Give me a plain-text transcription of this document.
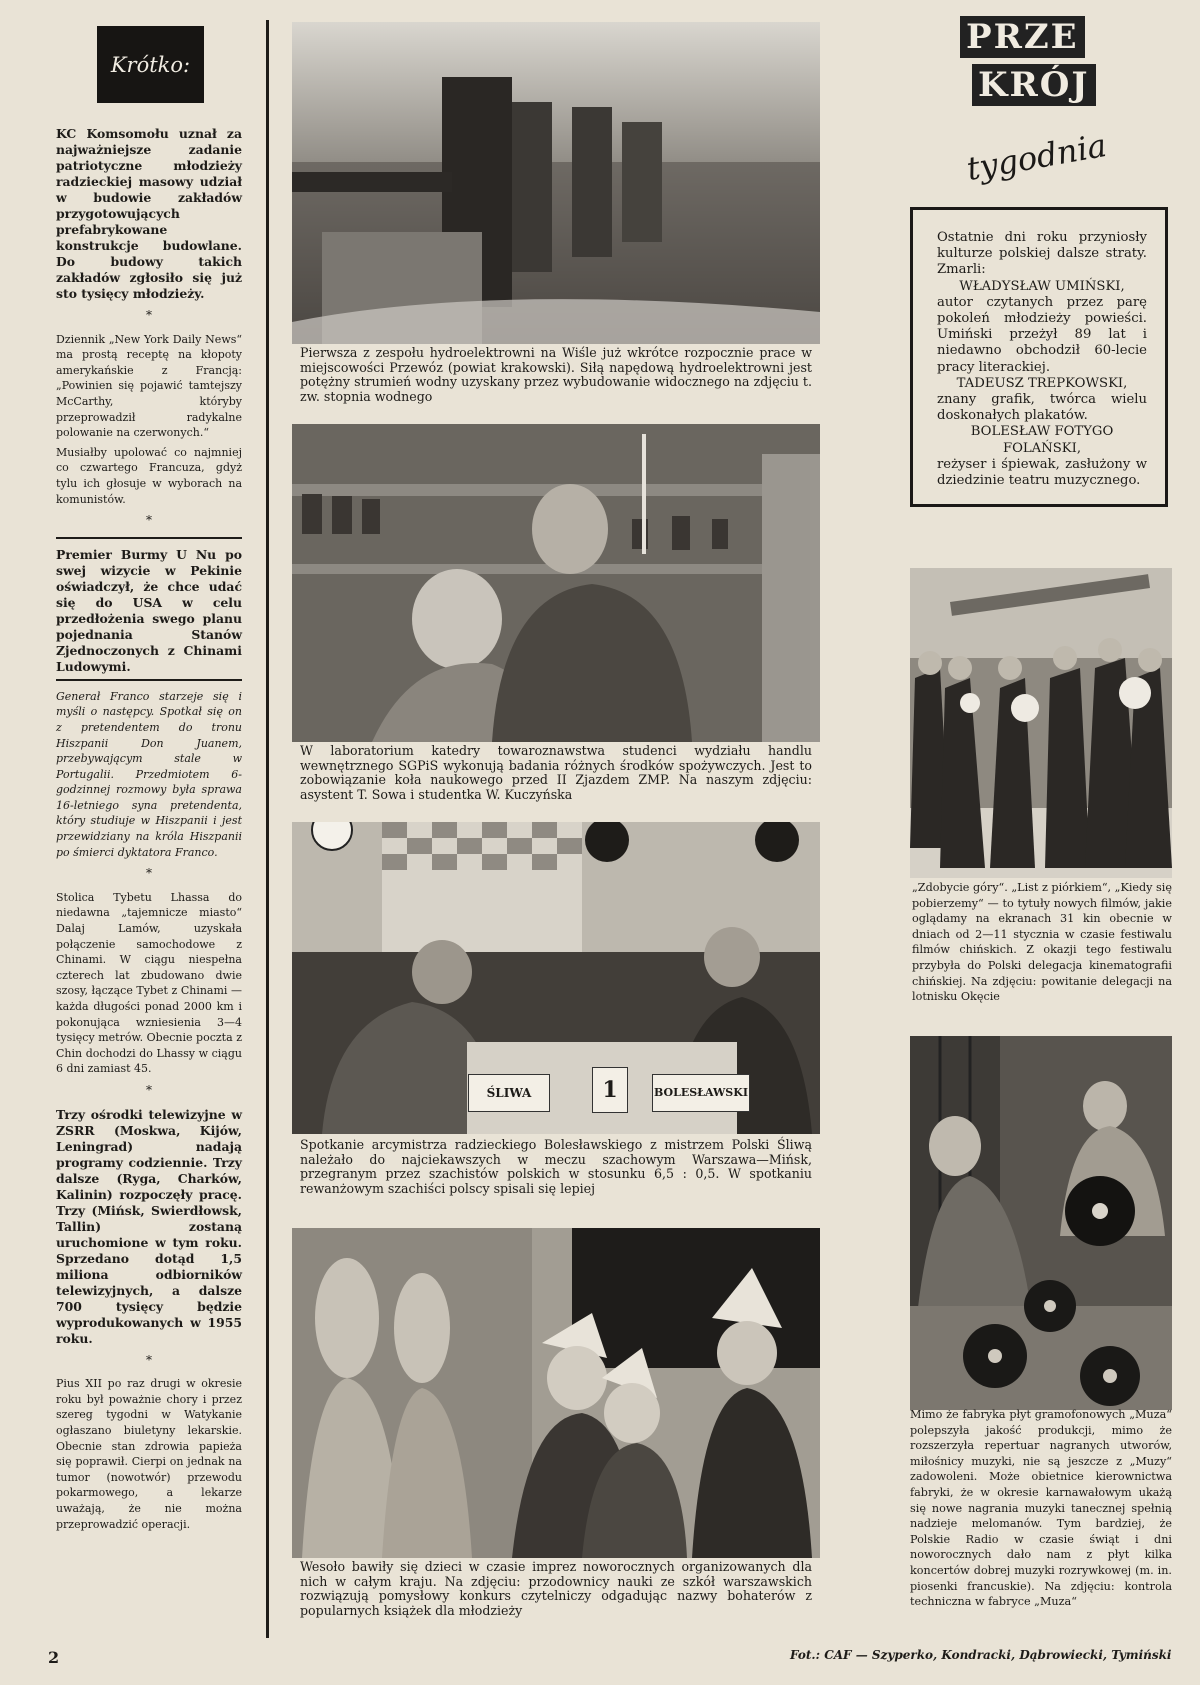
Krótko:

KC Komsomołu uznał za najważniejsze zadanie patriotyczne młodzieży radzieckiej masowy udział w budowie zakładów przygotowujących prefabrykowane konstrukcje budowlane. Do budowy takich zakładów zgłosiło się już sto tysięcy młodzieży.

*

Dziennik „New York Daily News“ ma prostą receptę na kłopoty amerykańskie z Francją: „Powinien się pojawić tamtejszy McCarthy, któryby przeprowadził radykalne polowanie na czerwonych.“

Musiałby upolować co najmniej co czwartego Francuza, gdyż tylu ich głosuje w wyborach na komunistów.

*

Premier Burmy U Nu po swej wizycie w Pekinie oświadczył, że chce udać się do USA w celu przedłożenia swego planu pojednania Stanów Zjednoczonych z Chinami Ludowymi.

Generał Franco starzeje się i myśli o następcy. Spotkał się on z pretendentem do tronu Hiszpanii Don Juanem, przebywającym stale w Portugalii. Przedmiotem 6-godzinnej rozmowy była sprawa 16-letniego syna pretendenta, który studiuje w Hiszpanii i jest przewidziany na króla Hiszpanii po śmierci dyktatora Franco.

*

Stolica Tybetu Lhassa do niedawna „tajemnicze miasto“ Dalaj Lamów, uzyskała połączenie samochodowe z Chinami. W ciągu niespełna czterech lat zbudowano dwie szosy, łączące Tybet z Chinami — każda długości ponad 2000 km i pokonująca wzniesienia 3—4 tysięcy metrów. Obecnie poczta z Chin dochodzi do Lhassy w ciągu 6 dni zamiast 45.

*

Trzy ośrodki telewizyjne w ZSRR (Moskwa, Kijów, Leningrad) nadają programy codziennie. Trzy dalsze (Ryga, Charków, Kalinin) rozpoczęły pracę. Trzy (Mińsk, Swierdłowsk, Tallin) zostaną uruchomione w tym roku. Sprzedano dotąd 1,5 miliona odbiorników telewizyjnych, a dalsze 700 tysięcy będzie wyprodukowanych w 1955 roku.

*

Pius XII po raz drugi w okresie roku był poważnie chory i przez szereg tygodni w Watykanie ogłaszano biuletyny lekarskie. Obecnie stan zdrowia papieża się poprawił. Cierpi on jednak na tumor (nowotwór) przewodu pokarmowego, a lekarze uważają, że nie można przeprowadzić operacji.

Pierwsza z zespołu hydroelektrowni na Wiśle już wkrótce rozpocznie prace w miejscowości Przewóz (powiat krakowski). Siłą napędową hydroelektrowni jest potężny strumień wodny uzyskany przez wybudowanie widocznego na zdjęciu t. zw. stopnia wodnego
W laboratorium katedry towaroznawstwa studenci wydziału handlu wewnętrznego SGPiS wykonują badania różnych środków spożywczych. Jest to zobowiązanie koła naukowego przed II Zjazdem ZMP. Na naszym zdjęciu: asystent T. Sowa i studentka W. Kuczyńska
ŚLIWA	1	BOLESŁAWSKI
Spotkanie arcymistrza radzieckiego Bolesławskiego z mistrzem Polski Śliwą należało do najciekawszych w meczu szachowym Warszawa—Mińsk, przegranym przez szachistów polskich w stosunku 6,5 : 0,5. W spotkaniu rewanżowym szachiści polscy spisali się lepiej
Wesoło bawiły się dzieci w czasie imprez noworocznych organizowanych dla nich w całym kraju. Na zdjęciu: przodownicy nauki ze szkół warszawskich rozwiązują pomysłowy konkurs czytelniczy odgadując nazwy bohaterów z popularnych książek dla młodzieży
PRZE
KRÓJ
tygodnia

Ostatnie dni roku przyniosły kulturze polskiej dalsze straty. Zmarli:

WŁADYSŁAW UMIŃSKI,

autor czytanych przez parę pokoleń młodzieży powieści. Umiński przeżył 89 lat i niedawno obchodził 60-lecie pracy literackiej.

TADEUSZ TREPKOWSKI,

znany grafik, twórca wielu doskonałych plakatów.

BOLESŁAW FOTYGO FOLAŃSKI,

reżyser i śpiewak, zasłużony w dziedzinie teatru muzycznego.

„Zdobycie góry“. „List z piórkiem“, „Kiedy się pobierzemy“ — to tytuły nowych filmów, jakie oglądamy na ekranach 31 kin obecnie w dniach od 2—11 stycznia w czasie festiwalu filmów chińskich. Z okazji tego festiwalu przybyła do Polski delegacja kinematografii chińskiej. Na zdjęciu: powitanie delegacji na lotnisku Okęcie
Mimo że fabryka płyt gramofonowych „Muza“ polepszyła jakość produkcji, mimo że rozszerzyła repertuar nagranych utworów, miłośnicy muzyki, nie są jeszcze z „Muzy“ zadowoleni. Może obietnice kierownictwa fabryki, że w okresie karnawałowym ukażą się nowe nagrania muzyki tanecznej spełnią nadzieje melomanów. Tym bardziej, że Polskie Radio w czasie świąt i dni noworocznych dało nam z płyt kilka koncertów dobrej muzyki rozrywkowej (m. in. piosenki francuskie). Na zdjęciu: kontrola techniczna w fabryce „Muza“
2	Fot.: CAF — Szyperko, Kondracki, Dąbrowiecki, Tymiński
